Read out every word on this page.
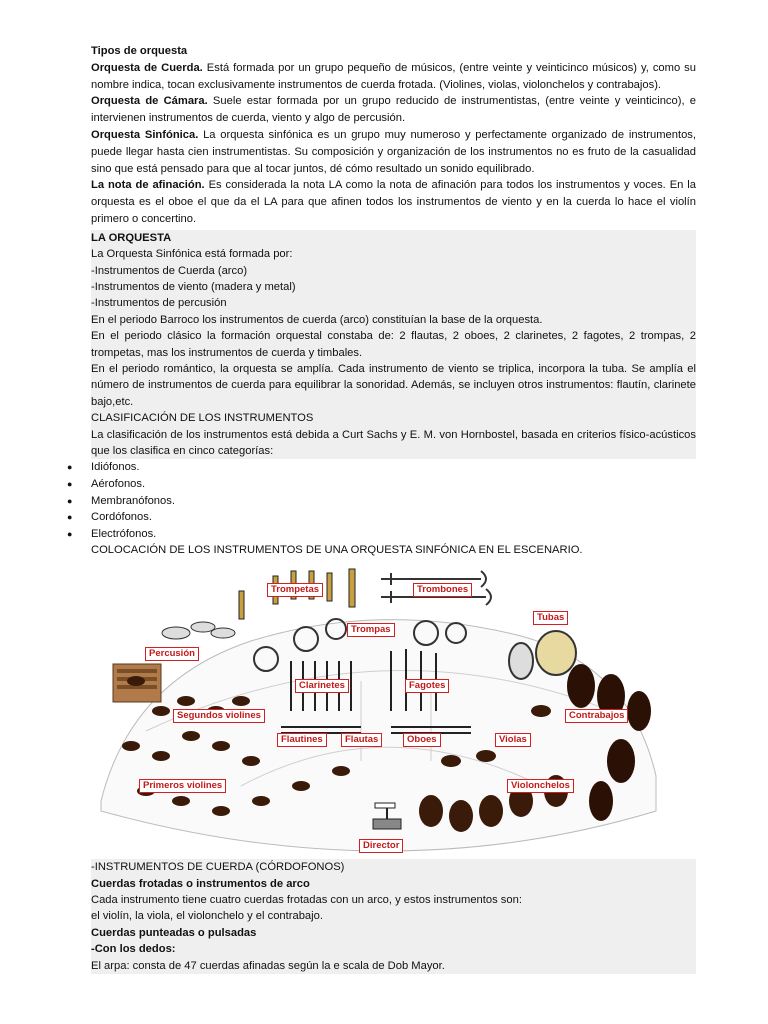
Tipos de orquesta

Orquesta de Cuerda. Está formada por un grupo pequeño de músicos, (entre veinte y veinticinco músicos) y, como su nombre indica, tocan exclusivamente instrumentos de cuerda frotada. (Violines, violas, violonchelos y contrabajos).

Orquesta de Cámara. Suele estar formada por un grupo reducido de instrumentistas, (entre veinte y veinticinco), e intervienen instrumentos de cuerda, viento y algo de percusión.

Orquesta Sinfónica. La orquesta sinfónica es un grupo muy numeroso y perfectamente organizado de instrumentos, puede llegar hasta cien instrumentistas. Su composición y organización de los instrumentos no es fruto de la casualidad sino que está pensado para que al tocar juntos, dé cómo resultado un sonido equilibrado.

La nota de afinación. Es considerada la nota LA como la nota de afinación para todos los instrumentos y voces. En la orquesta es el oboe el que da el LA para que afinen todos los instrumentos de viento y en la cuerda lo hace el violín primero o concertino.

LA ORQUESTA

La Orquesta Sinfónica está formada por:

-Instrumentos de Cuerda (arco)

-Instrumentos de viento (madera y metal)

-Instrumentos de percusión

En el periodo Barroco los instrumentos de cuerda (arco) constituían la base de la orquesta.

En el periodo clásico la formación orquestal constaba de: 2 flautas, 2 oboes, 2 clarinetes, 2 fagotes, 2 trompas, 2 trompetas, mas los instrumentos de cuerda y timbales.

En el periodo romántico, la orquesta se amplía. Cada instrumento de viento se triplica, incorpora la tuba. Se amplía el número de instrumentos de cuerda para equilibrar la sonoridad. Además, se incluyen otros instrumentos: flautín, clarinete bajo,etc.

CLASIFICACIÓN DE LOS INSTRUMENTOS

La clasificación de los instrumentos está debida a Curt Sachs y E. M. von Hornbostel, basada en criterios físico-acústicos que los clasifica en cinco categorías:

● Idiófonos.
● Aérofonos.
● Membranófonos.
● Cordófonos.
● Electrófonos.

COLOCACIÓN DE LOS INSTRUMENTOS DE UNA ORQUESTA SINFÓNICA EN EL ESCENARIO.

Trompetas	Trombones
Tubas
Trompas
Percusión
Clarinetes	Fagotes
Segundos violines	Contrabajos
Flautines	Flautas	Oboes	Violas
Primeros violines	Violonchelos
Director

-INSTRUMENTOS DE CUERDA (CÓRDOFONOS)

Cuerdas frotadas o instrumentos de arco

Cada instrumento tiene cuatro cuerdas frotadas con un arco, y estos instrumentos son:

el violín, la viola, el violonchelo y el contrabajo.

Cuerdas punteadas o pulsadas

-Con los dedos:

El arpa: consta de 47 cuerdas afinadas según la e scala de Dob Mayor.
